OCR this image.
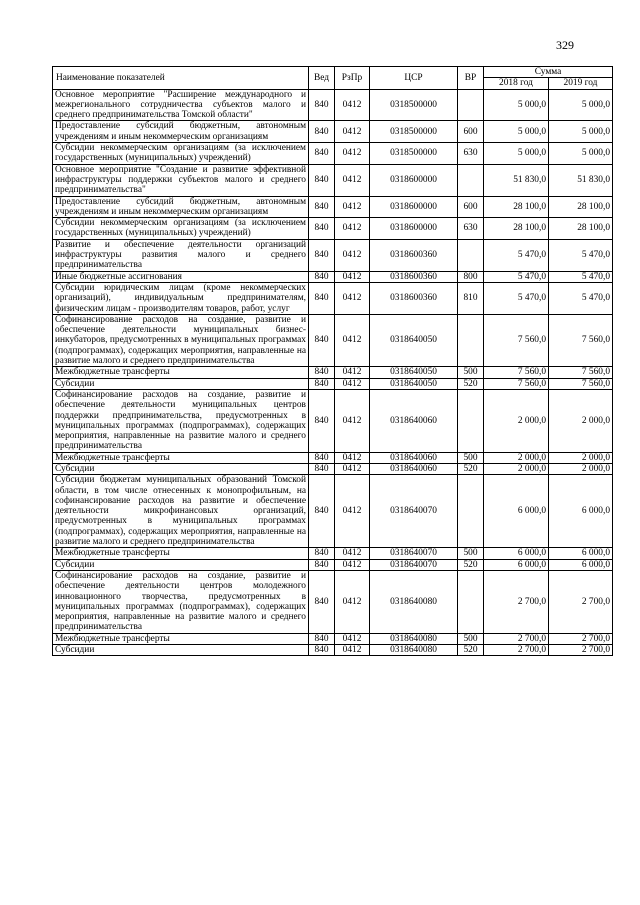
329
Наименование показателей	Вед	РзПр	ЦСР	ВР	Сумма	
					2018 год	2019 год
Основное мероприятие "Расширение международного и межрегионального сотрудничества субъектов малого и среднего предпринимательства Томской области"	840	0412	0318500000		5 000,0	5 000,0
Предоставление субсидий бюджетным, автономным учреждениям и иным некоммерческим организациям	840	0412	0318500000	600	5 000,0	5 000,0
Субсидии некоммерческим организациям (за исключением государственных (муниципальных) учреждений)	840	0412	0318500000	630	5 000,0	5 000,0
Основное мероприятие "Создание и развитие эффективной инфраструктуры поддержки субъектов малого и среднего предпринимательства"	840	0412	0318600000		51 830,0	51 830,0
Предоставление субсидий бюджетным, автономным учреждениям и иным некоммерческим организациям	840	0412	0318600000	600	28 100,0	28 100,0
Субсидии некоммерческим организациям (за исключением государственных (муниципальных) учреждений)	840	0412	0318600000	630	28 100,0	28 100,0
Развитие и обеспечение деятельности организаций инфраструктуры развития малого и среднего предпринимательства	840	0412	0318600360		5 470,0	5 470,0
Иные бюджетные ассигнования	840	0412	0318600360	800	5 470,0	5 470,0
Субсидии юридическим лицам (кроме некоммерческих организаций), индивидуальным предпринимателям, физическим лицам - производителям товаров, работ, услуг	840	0412	0318600360	810	5 470,0	5 470,0
Софинансирование расходов на создание, развитие и обеспечение деятельности муниципальных бизнес-инкубаторов, предусмотренных в муниципальных программах (подпрограммах), содержащих мероприятия, направленные на развитие малого и среднего предпринимательства	840	0412	0318640050		7 560,0	7 560,0
Межбюджетные трансферты	840	0412	0318640050	500	7 560,0	7 560,0
Субсидии	840	0412	0318640050	520	7 560,0	7 560,0
Софинансирование расходов на создание, развитие и обеспечение деятельности муниципальных центров поддержки предпринимательства, предусмотренных в муниципальных программах (подпрограммах), содержащих мероприятия, направленные на развитие малого и среднего предпринимательства	840	0412	0318640060		2 000,0	2 000,0
Межбюджетные трансферты	840	0412	0318640060	500	2 000,0	2 000,0
Субсидии	840	0412	0318640060	520	2 000,0	2 000,0
Субсидии бюджетам муниципальных образований Томской области, в том числе отнесенных к монопрофильным, на софинансирование расходов на развитие и обеспечение деятельности микрофинансовых организаций, предусмотренных в муниципальных программах (подпрограммах), содержащих мероприятия, направленные на развитие малого и среднего предпринимательства	840	0412	0318640070		6 000,0	6 000,0
Межбюджетные трансферты	840	0412	0318640070	500	6 000,0	6 000,0
Субсидии	840	0412	0318640070	520	6 000,0	6 000,0
Софинансирование расходов на создание, развитие и обеспечение деятельности центров молодежного инновационного творчества, предусмотренных в муниципальных программах (подпрограммах), содержащих мероприятия, направленные на развитие малого и среднего предпринимательства	840	0412	0318640080		2 700,0	2 700,0
Межбюджетные трансферты	840	0412	0318640080	500	2 700,0	2 700,0
Субсидии	840	0412	0318640080	520	2 700,0	2 700,0
